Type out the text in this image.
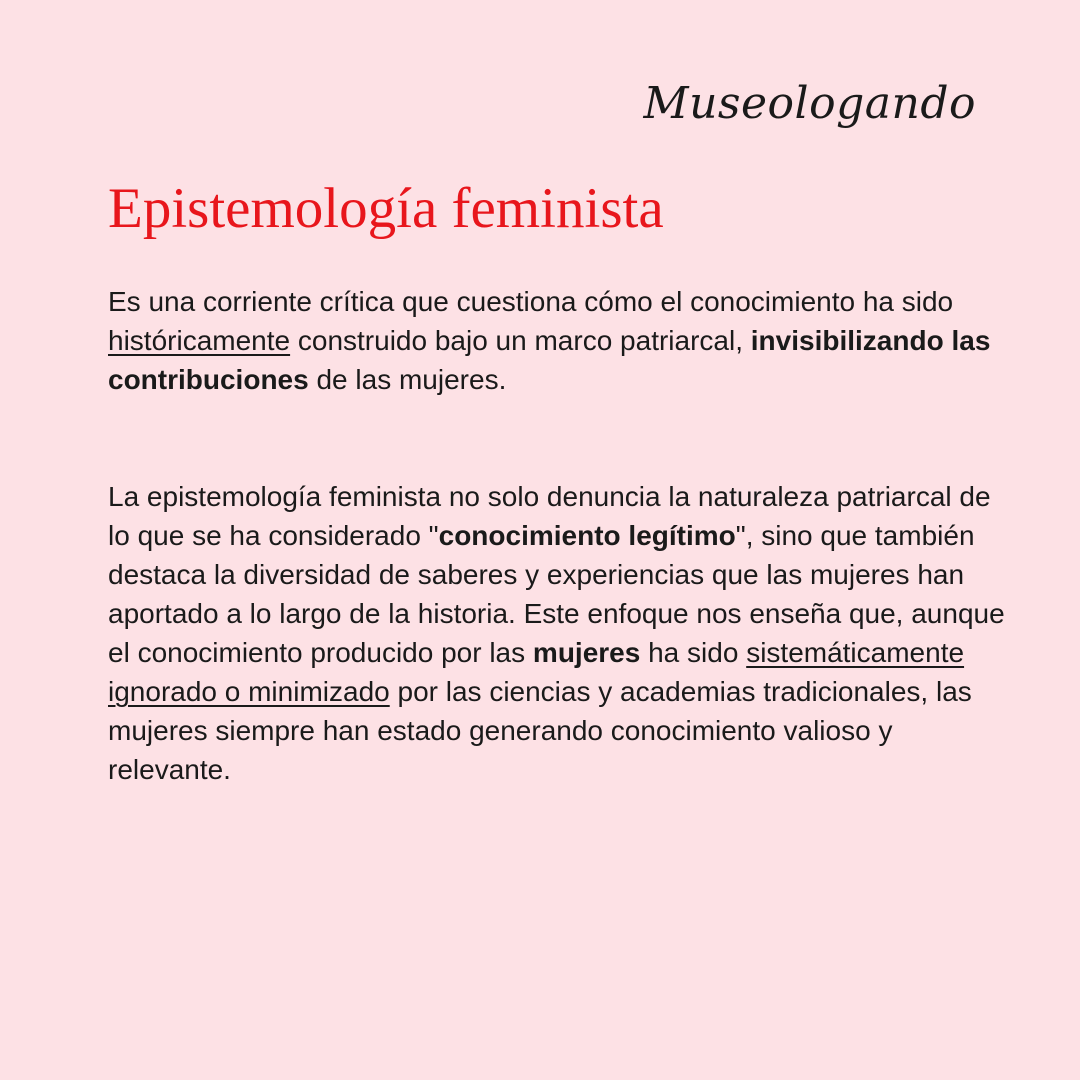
Museologando
Epistemología feminista

Es una corriente crítica que cuestiona cómo el conocimiento ha sido históricamente construido bajo un marco patriarcal, invisibilizando las contribuciones de las mujeres.

La epistemología feminista no solo denuncia la naturaleza patriarcal de lo que se ha considerado "conocimiento legítimo", sino que también destaca la diversidad de saberes y experiencias que las mujeres han aportado a lo largo de la historia. Este enfoque nos enseña que, aunque el conocimiento producido por las mujeres ha sido sistemáticamente ignorado o minimizado por las ciencias y academias tradicionales, las mujeres siempre han estado generando conocimiento valioso y relevante.
